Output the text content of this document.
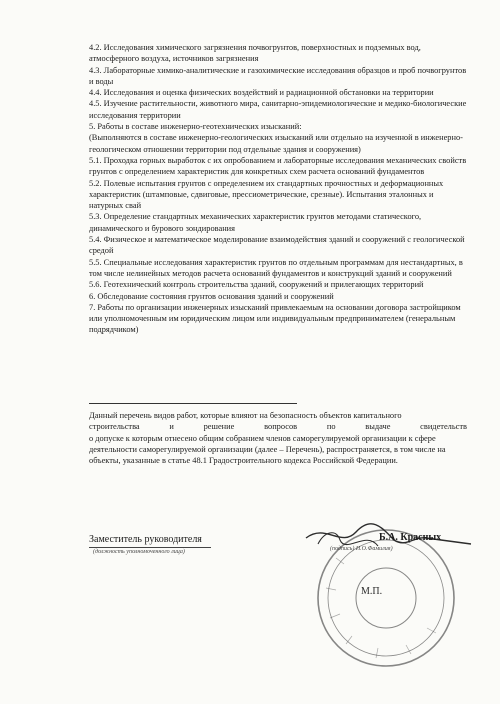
4.2. Исследования химического загрязнения почвогрунтов, поверхностных и подземных вод, атмосферного воздуха, источников загрязнения

4.3. Лабораторные химико-аналитические и газохимические исследования образцов и проб почвогрунтов и воды

4.4. Исследования и оценка физических воздействий и радиационной обстановки на территории

4.5. Изучение растительности, животного мира, санитарно-эпидемиологические и медико-биологические исследования территории

5. Работы в составе инженерно-геотехнических изысканий:

(Выполняются в составе инженерно-геологических изысканий или отдельно на изученной в инженерно-геологическом отношении территории под отдельные здания и сооружения)

5.1. Проходка горных выработок с их опробованием и лабораторные исследования механических свойств грунтов с определением характеристик для конкретных схем расчета оснований фундаментов

5.2. Полевые испытания грунтов с определением их стандартных прочностных и деформационных характеристик (штамповые, сдвиговые, прессиометрические, срезные). Испытания эталонных и натурных свай

5.3. Определение стандартных механических характеристик грунтов методами статического, динамического и бурового зондирования

5.4. Физическое и математическое моделирование взаимодействия зданий и сооружений с геологической средой

5.5. Специальные исследования характеристик грунтов по отдельным программам для нестандартных, в том числе нелинейных методов расчета оснований фундаментов и конструкций зданий и сооружений

5.6. Геотехнический контроль строительства зданий, сооружений и прилегающих территорий

6. Обследование состояния грунтов основания зданий и сооружений

7. Работы по организации инженерных изысканий привлекаемым на основании договора застройщиком или уполномоченным им юридическим лицом или индивидуальным предпринимателем (генеральным подрядчиком)

Данный перечень видов работ, которые влияют на безопасность объектов капитального

строительства	и	решение	вопросов	по	выдаче	свидетельств

о допуске к которым отнесено общим собранием членов саморегулируемой организации к сфере деятельности саморегулируемой организации (далее – Перечень), распространяется, в том числе на объекты, указанные в статье 48.1 Градостроительного кодекса Российской Федерации.

Заместитель руководителя
(должность уполномоченного лица)
Б.А. Красных
(подпись) И.О.Фамилия)
М.П.
